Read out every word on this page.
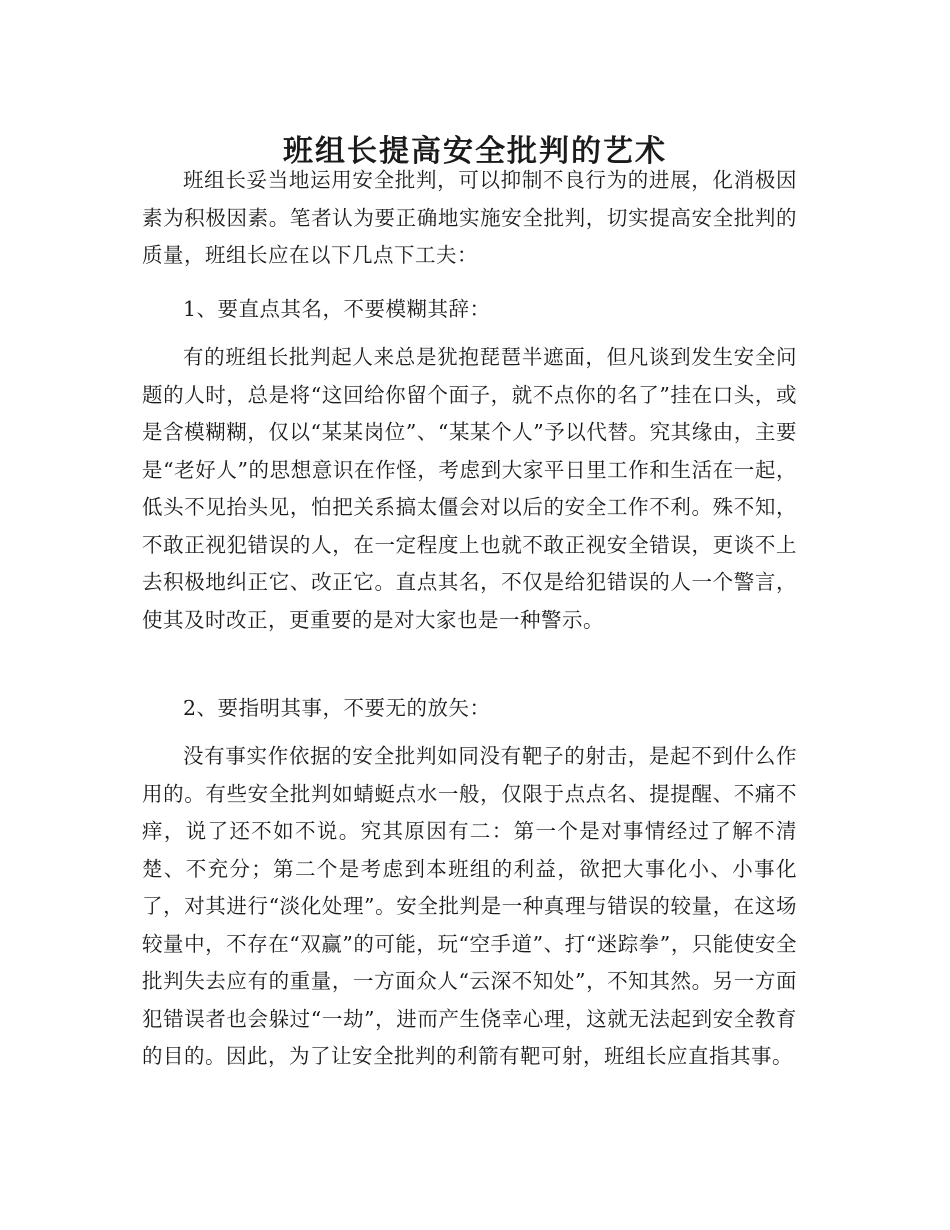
班组长提高安全批判的艺术

班组长妥当地运用安全批判，可以抑制不良行为的进展，化消极因素为积极因素。笔者认为要正确地实施安全批判，切实提高安全批判的质量，班组长应在以下几点下工夫：

1、要直点其名，不要模糊其辞：

有的班组长批判起人来总是犹抱琵琶半遮面，但凡谈到发生安全问题的人时，总是将“这回给你留个面子，就不点你的名了”挂在口头，或是含模糊糊，仅以“某某岗位”、“某某个人”予以代替。究其缘由，主要是“老好人”的思想意识在作怪，考虑到大家平日里工作和生活在一起，低头不见抬头见，怕把关系搞太僵会对以后的安全工作不利。殊不知，不敢正视犯错误的人，在一定程度上也就不敢正视安全错误，更谈不上去积极地纠正它、改正它。直点其名，不仅是给犯错误的人一个警言，使其及时改正，更重要的是对大家也是一种警示。

2、要指明其事，不要无的放矢：

没有事实作依据的安全批判如同没有靶子的射击，是起不到什么作用的。有些安全批判如蜻蜓点水一般，仅限于点点名、提提醒、不痛不痒，说了还不如不说。究其原因有二：第一个是对事情经过了解不清楚、不充分；第二个是考虑到本班组的利益，欲把大事化小、小事化了，对其进行“淡化处理”。安全批判是一种真理与错误的较量，在这场较量中，不存在“双赢”的可能，玩“空手道”、打“迷踪拳”，只能使安全批判失去应有的重量，一方面众人“云深不知处”，不知其然。另一方面犯错误者也会躲过“一劫”，进而产生侥幸心理，这就无法起到安全教育的目的。因此，为了让安全批判的利箭有靶可射，班组长应直指其事。
